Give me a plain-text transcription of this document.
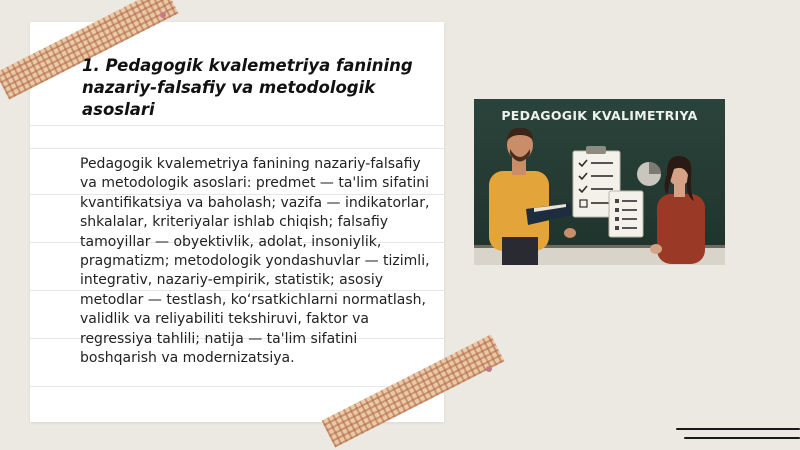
1. Pedagogik kvalemetriya fanining nazariy-falsafiy va metodologik asoslari

Pedagogik kvalemetriya fanining nazariy-falsafiy va metodologik asoslari: predmet — ta'lim sifatini kvantifikatsiya va baholash; vazifa — indikatorlar, shkalalar, kriteriyalar ishlab chiqish; falsafiy tamoyillar — obyektivlik, adolat, insoniylik, pragmatizm; metodologik yondashuvlar — tizimli, integrativ, nazariy-empirik, statistik; asosiy metodlar — testlash, ko‘rsatkichlarni normatlash, validlik va reliyabiliti tekshiruvi, faktor va regressiya tahlili; natija — ta'lim sifatini boshqarish va modernizatsiya.

PEDAGOGIK KVALIMETRIYA
